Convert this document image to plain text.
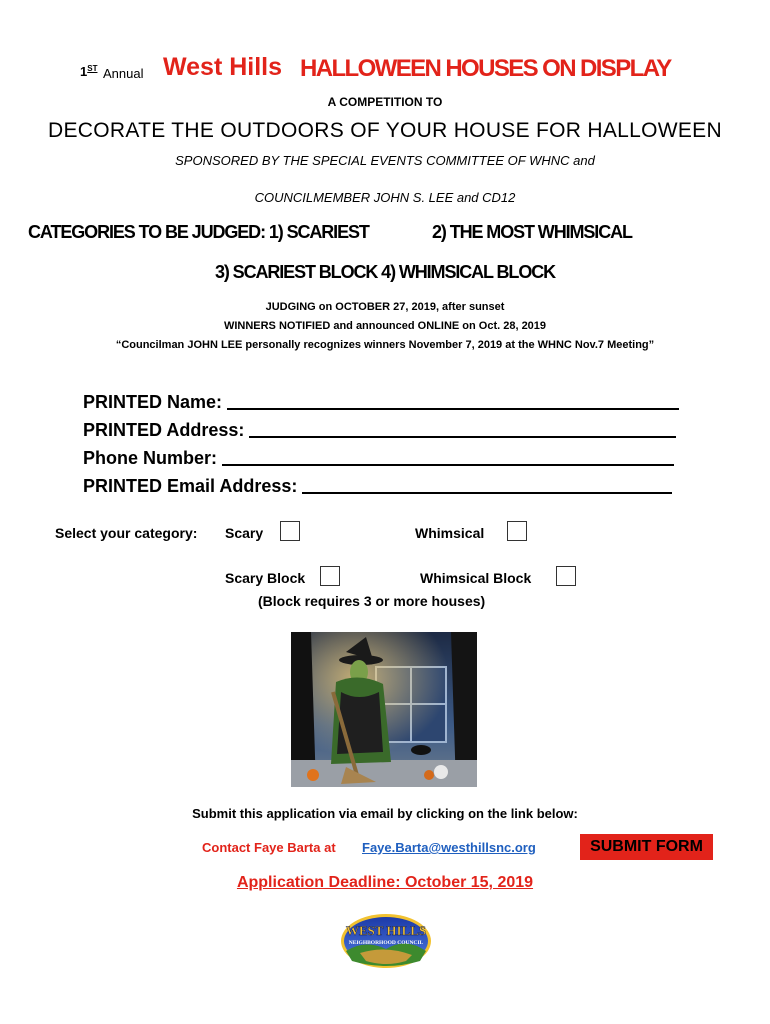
1ST Annual West Hills HALLOWEEN HOUSES ON DISPLAY
A COMPETITION TO
DECORATE THE OUTDOORS OF YOUR HOUSE FOR HALLOWEEN
SPONSORED BY THE SPECIAL EVENTS COMMITTEE OF WHNC and
COUNCILMEMBER JOHN S. LEE and CD12
CATEGORIES TO BE JUDGED: 1) SCARIEST	2) THE MOST WHIMSICAL
3) SCARIEST BLOCK 4) WHIMSICAL BLOCK
JUDGING on OCTOBER 27, 2019, after sunset
WINNERS NOTIFIED and announced ONLINE on Oct. 28, 2019
“Councilman JOHN LEE personally recognizes winners November 7, 2019 at the WHNC Nov.7 Meeting”
PRINTED Name:
PRINTED Address:
Phone Number:
PRINTED Email Address:
Select your category: Scary	Whimsical
Scary Block	Whimsical Block
(Block requires 3 or more houses)
Submit this application via email by clicking on the link below:
Contact Faye Barta at Faye.Barta@westhillsnc.org	SUBMIT FORM
Application Deadline: October 15, 2019
WEST HILLS
NEIGHBORHOOD COUNCIL
